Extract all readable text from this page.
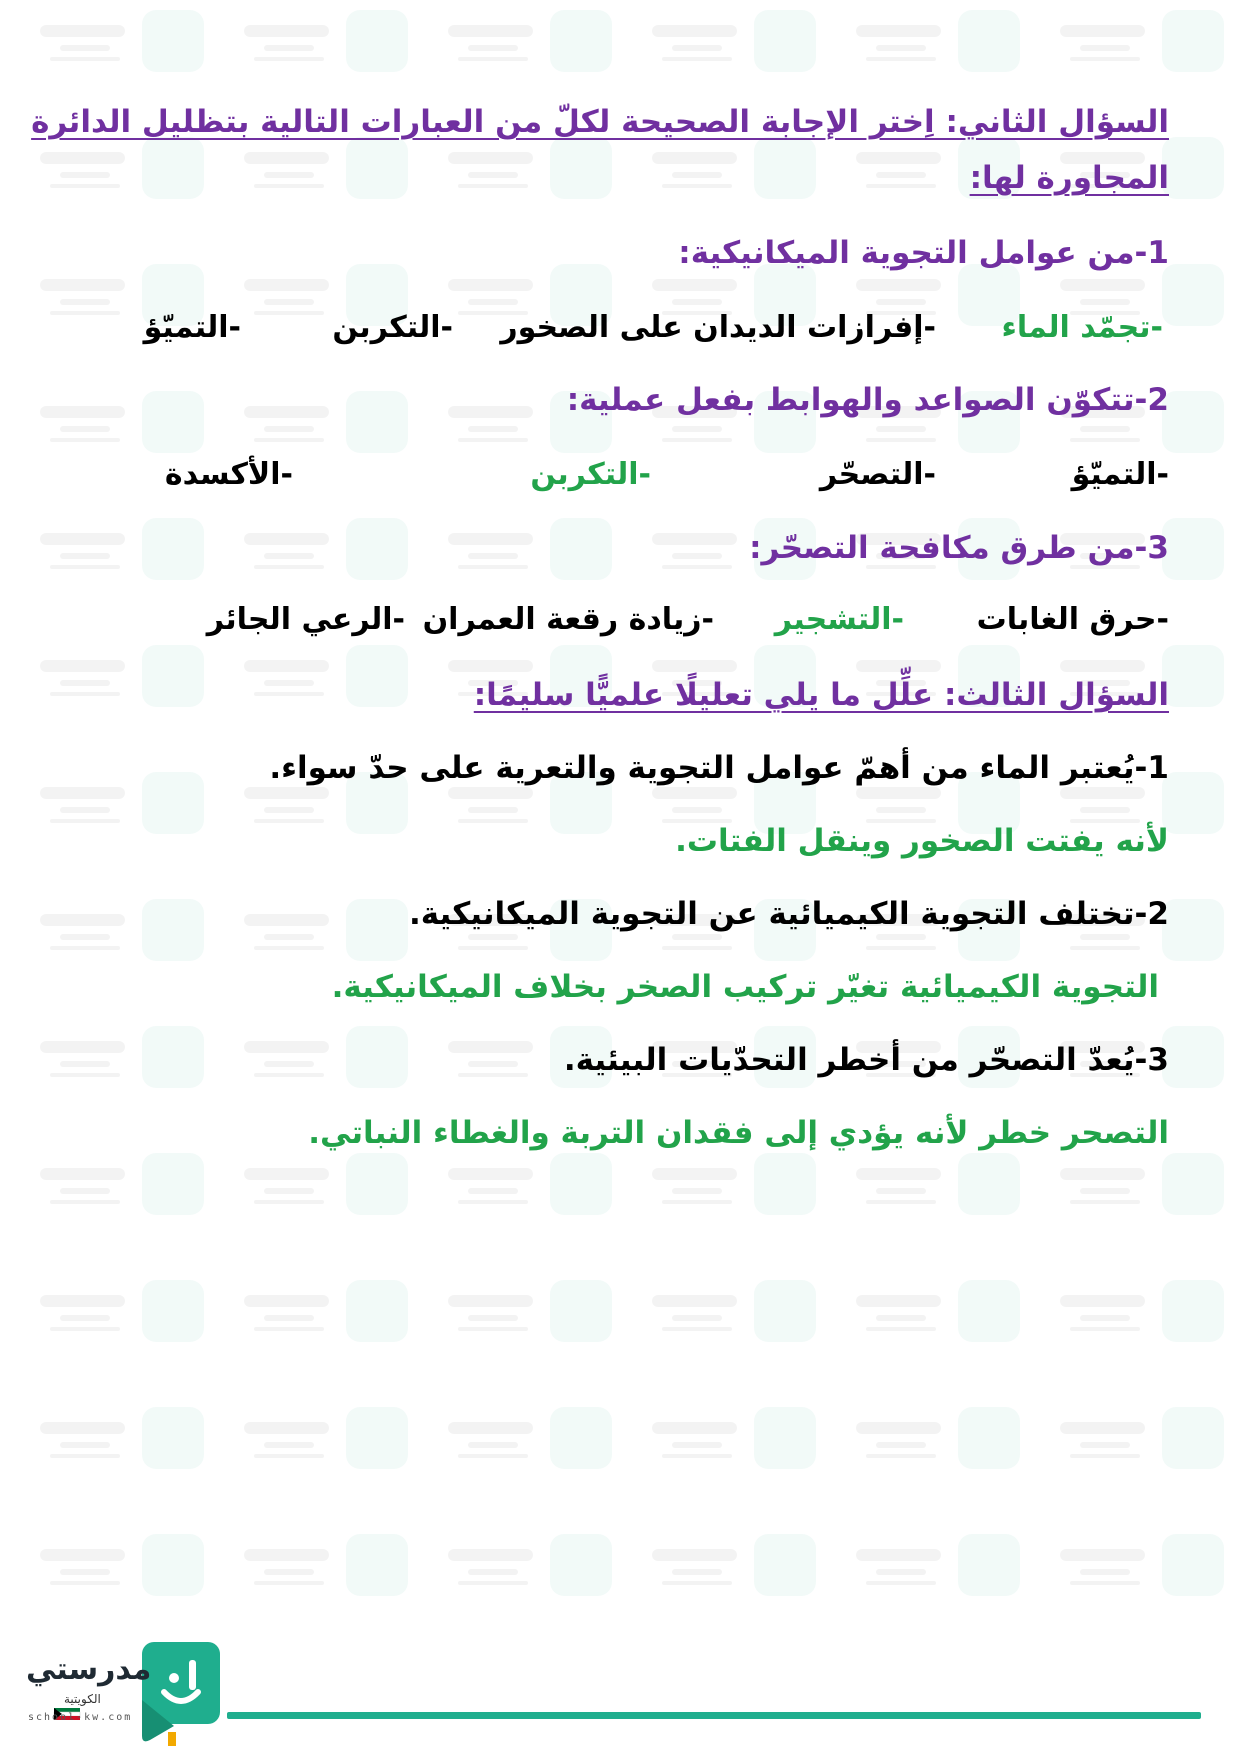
السؤال الثاني: اِختر الإجابة الصحيحة لكلّ من العبارات التالية بتظليل الدائرة
المجاورة لها:
1-من عوامل التجوية الميكانيكية:
-تجمّد الماء
-إفرازات الديدان على الصخور
-التكربن
-التميّؤ
2-تتكوّن الصواعد والهوابط بفعل عملية:
-التميّؤ
-التصحّر
-التكربن
-الأكسدة
3-من طرق مكافحة التصحّر:
-حرق الغابات
-التشجير
-زيادة رقعة العمران
-الرعي الجائر
السؤال الثالث: علِّل ما يلي تعليلًا علميًّا سليمًا:
1-يُعتبر الماء من أهمّ عوامل التجوية والتعرية على حدّ سواء.
لأنه يفتت الصخور وينقل الفتات.
2-تختلف التجوية الكيميائية عن التجوية الميكانيكية.
التجوية الكيميائية تغيّر تركيب الصخر بخلاف الميكانيكية.
3-يُعدّ التصحّر من أخطر التحدّيات البيئية.
التصحر خطر لأنه يؤدي إلى فقدان التربة والغطاء النباتي.
مدرستي
الكويتية
school-kw.com
